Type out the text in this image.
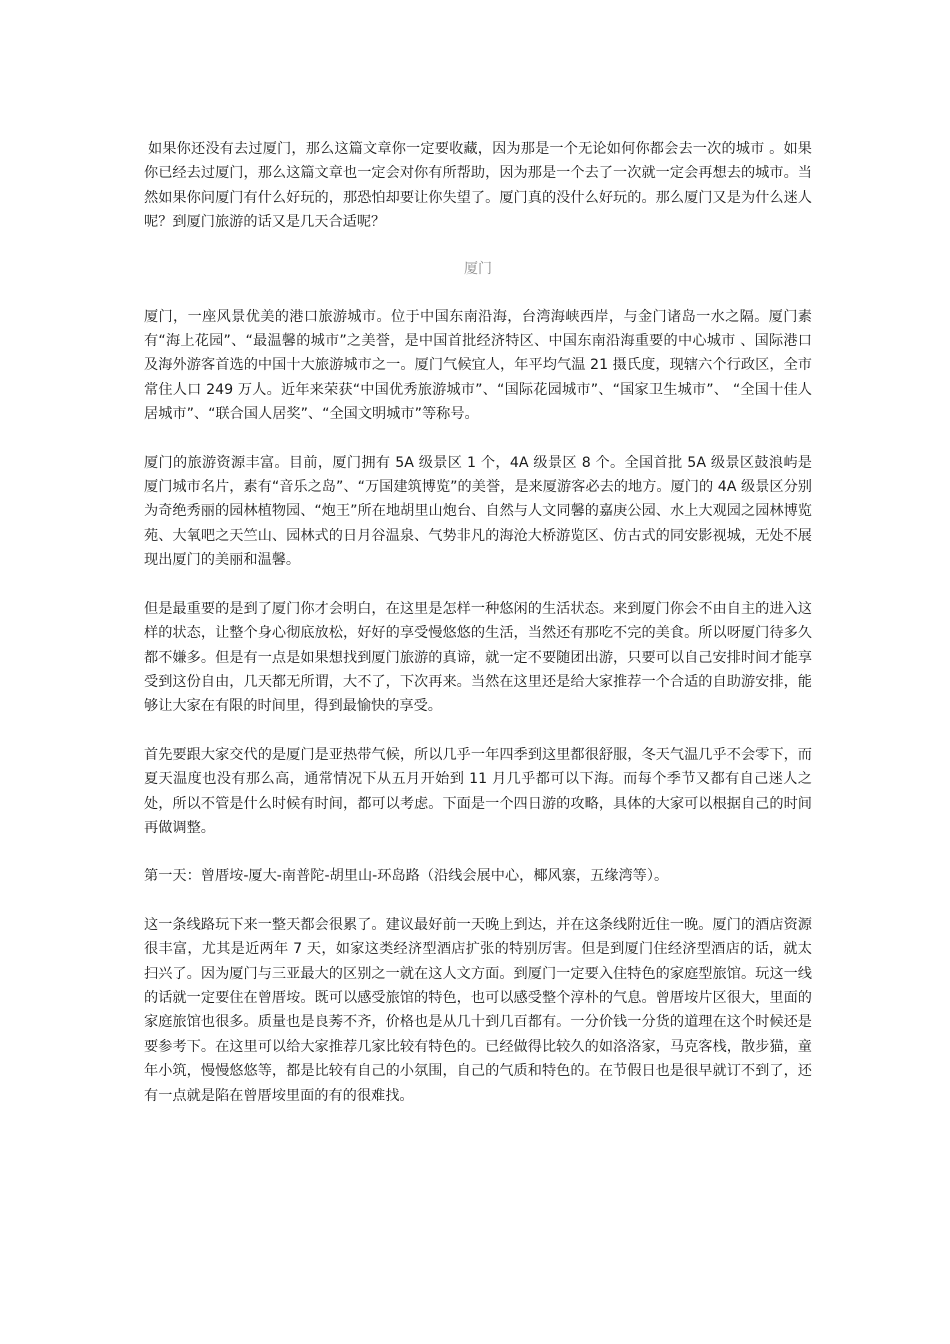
如果你还没有去过厦门，那么这篇文章你一定要收藏，因为那是一个无论如何你都会去一次的城市 。如果你已经去过厦门，那么这篇文章也一定会对你有所帮助，因为那是一个去了一次就一定会再想去的城市。当然如果你问厦门有什么好玩的，那恐怕却要让你失望了。厦门真的没什么好玩的。那么厦门又是为什么迷人呢？到厦门旅游的话又是几天合适呢？

厦门

厦门，一座风景优美的港口旅游城市。位于中国东南沿海，台湾海峡西岸，与金门诸岛一水之隔。厦门素有“海上花园”、“最温馨的城市”之美誉，是中国首批经济特区、中国东南沿海重要的中心城市 、国际港口及海外游客首选的中国十大旅游城市之一。厦门气候宜人，年平均气温 21 摄氏度，现辖六个行政区，全市常住人口 249 万人。近年来荣获“中国优秀旅游城市”、“国际花园城市”、“国家卫生城市”、 “全国十佳人居城市”、“联合国人居奖”、“全国文明城市”等称号。

厦门的旅游资源丰富。目前，厦门拥有 5A 级景区 1 个，4A 级景区 8 个。全国首批 5A 级景区鼓浪屿是厦门城市名片，素有“音乐之岛”、“万国建筑博览”的美誉，是来厦游客必去的地方。厦门的 4A 级景区分别为奇绝秀丽的园林植物园、“炮王”所在地胡里山炮台、自然与人文同馨的嘉庚公园、水上大观园之园林博览苑、大氧吧之天竺山、园林式的日月谷温泉、气势非凡的海沧大桥游览区、仿古式的同安影视城，无处不展现出厦门的美丽和温馨。

但是最重要的是到了厦门你才会明白，在这里是怎样一种悠闲的生活状态。来到厦门你会不由自主的进入这样的状态，让整个身心彻底放松，好好的享受慢悠悠的生活，当然还有那吃不完的美食。所以呀厦门待多久都不嫌多。但是有一点是如果想找到厦门旅游的真谛，就一定不要随团出游，只要可以自己安排时间才能享受到这份自由，几天都无所谓，大不了，下次再来。当然在这里还是给大家推荐一个合适的自助游安排，能够让大家在有限的时间里，得到最愉快的享受。

首先要跟大家交代的是厦门是亚热带气候，所以几乎一年四季到这里都很舒服，冬天气温几乎不会零下，而夏天温度也没有那么高，通常情况下从五月开始到 11 月几乎都可以下海。而每个季节又都有自己迷人之处，所以不管是什么时候有时间，都可以考虑。下面是一个四日游的攻略，具体的大家可以根据自己的时间再做调整。

第一天：曾厝垵-厦大-南普陀-胡里山-环岛路（沿线会展中心，椰风寨，五缘湾等）。

这一条线路玩下来一整天都会很累了。建议最好前一天晚上到达，并在这条线附近住一晚。厦门的酒店资源很丰富，尤其是近两年 7 天，如家这类经济型酒店扩张的特别厉害。但是到厦门住经济型酒店的话，就太扫兴了。因为厦门与三亚最大的区别之一就在这人文方面。到厦门一定要入住特色的家庭型旅馆。玩这一线的话就一定要住在曾厝垵。既可以感受旅馆的特色，也可以感受整个淳朴的气息。曾厝垵片区很大，里面的家庭旅馆也很多。质量也是良莠不齐，价格也是从几十到几百都有。一分价钱一分货的道理在这个时候还是要参考下。在这里可以给大家推荐几家比较有特色的。已经做得比较久的如洛洛家，马克客栈，散步猫，童年小筑，慢慢悠悠等，都是比较有自己的小氛围，自己的气质和特色的。在节假日也是很早就订不到了，还有一点就是陷在曾厝垵里面的有的很难找。
